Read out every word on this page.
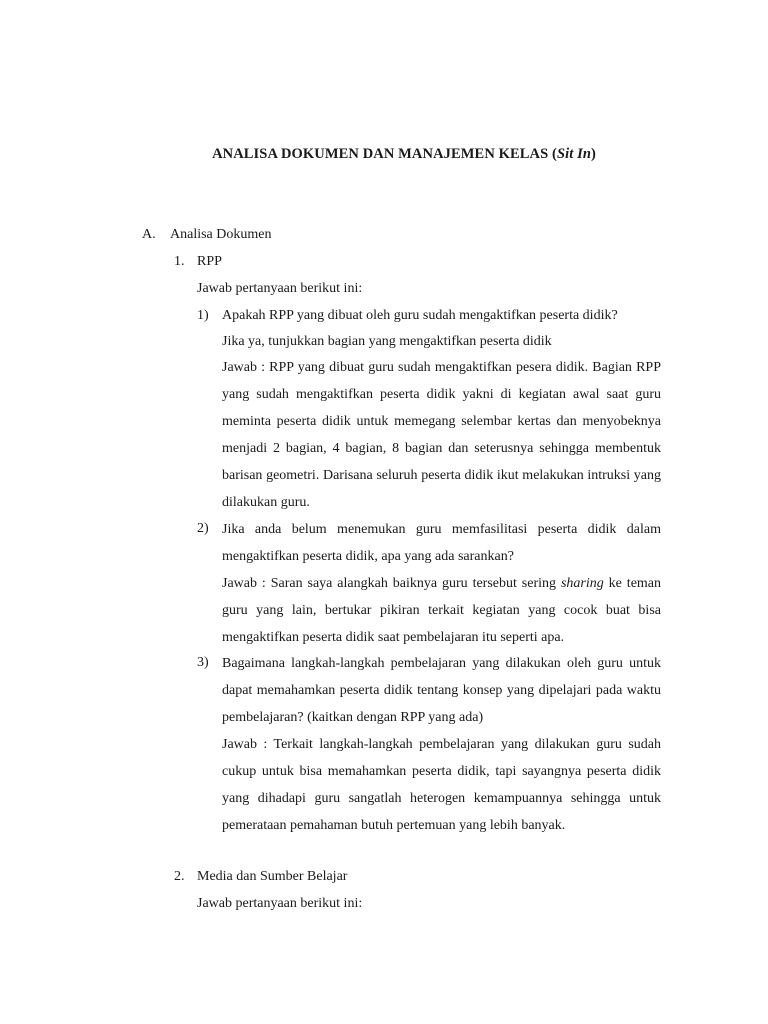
ANALISA DOKUMEN DAN MANAJEMEN KELAS (Sit In)
A. Analisa Dokumen
1. RPP
Jawab pertanyaan berikut ini:
1) Apakah RPP yang dibuat oleh guru sudah mengaktifkan peserta didik?
Jika ya, tunjukkan bagian yang mengaktifkan peserta didik

Jawab : RPP yang dibuat guru sudah mengaktifkan pesera didik. Bagian RPP yang sudah mengaktifkan peserta didik yakni di kegiatan awal saat guru meminta peserta didik untuk memegang selembar kertas dan menyobeknya menjadi 2 bagian, 4 bagian, 8 bagian dan seterusnya sehingga membentuk barisan geometri. Darisana seluruh peserta didik ikut melakukan intruksi yang dilakukan guru.

2) Jika anda belum menemukan guru memfasilitasi peserta didik dalam mengaktifkan peserta didik, apa yang ada sarankan?

Jawab : Saran saya alangkah baiknya guru tersebut sering sharing ke teman guru yang lain, bertukar pikiran terkait kegiatan yang cocok buat bisa mengaktifkan peserta didik saat pembelajaran itu seperti apa.

3) Bagaimana langkah-langkah pembelajaran yang dilakukan oleh guru untuk dapat memahamkan peserta didik tentang konsep yang dipelajari pada waktu pembelajaran? (kaitkan dengan RPP yang ada)

Jawab : Terkait langkah-langkah pembelajaran yang dilakukan guru sudah cukup untuk bisa memahamkan peserta didik, tapi sayangnya peserta didik yang dihadapi guru sangatlah heterogen kemampuannya sehingga untuk pemerataan pemahaman butuh pertemuan yang lebih banyak.

2. Media dan Sumber Belajar
Jawab pertanyaan berikut ini:
